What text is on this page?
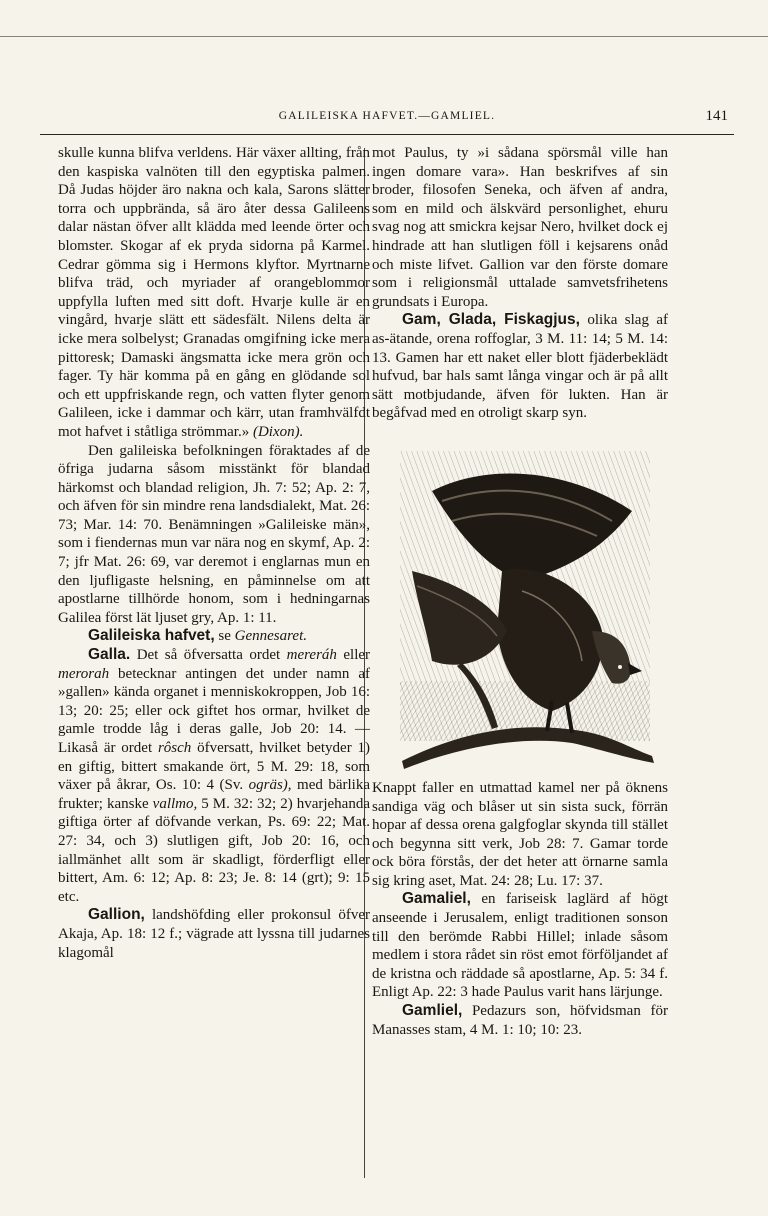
GALILEISKA HAFVET.—GAMLIEL.	141

skulle kunna blifva verldens. Här växer allting, från den kaspiska valnöten till den egyptiska palmen. Då Judas höjder äro nakna och kala, Sarons slätter torra och uppbrända, så äro åter dessa Galileens dalar nästan öfver allt klädda med leende örter och blomster. Skogar af ek pryda sidorna på Karmel. Cedrar gömma sig i Hermons klyftor. Myrtnarne blifva träd, och myriader af orangeblommor uppfylla luften med sitt doft. Hvarje kulle är en vingård, hvarje slätt ett sädesfält. Nilens delta är icke mera solbelyst; Granadas omgifning icke mera pittoresk; Damaski ängsmatta icke mera grön och fager. Ty här komma på en gång en glödande sol och ett uppfriskande regn, och vatten flyter genom Galileen, icke i dammar och kärr, utan framhvälfdt mot hafvet i ståtliga strömmar.» (Dixon).

Den galileiska befolkningen föraktades af de öfriga judarna såsom misstänkt för blandad härkomst och blandad religion, Jh. 7: 52; Ap. 2: 7, och äfven för sin mindre rena landsdialekt, Mat. 26: 73; Mar. 14: 70. Benämningen »Galileiske män», som i fiendernas mun var nära nog en skymf, Ap. 2: 7; jfr Mat. 26: 69, var deremot i englarnas mun en den ljufligaste helsning, en påminnelse om att apostlarne tillhörde honom, som i hedningarnas Galilea först lät ljuset gry, Ap. 1: 11.

Galileiska hafvet, se Gennesaret.

Galla. Det så öfversatta ordet mereráh eller merorah betecknar antingen det under namn af »gallen» kända organet i menniskokroppen, Job 16: 13; 20: 25; eller ock giftet hos ormar, hvilket de gamle trodde låg i deras galle, Job 20: 14. — Likaså är ordet rôsch öfversatt, hvilket betyder 1) en giftig, bittert smakande ört, 5 M. 29: 18, som växer på åkrar, Os. 10: 4 (Sv. ogräs), med bärlika frukter; kanske vallmo, 5 M. 32: 32; 2) hvarjehanda giftiga örter af döfvande verkan, Ps. 69: 22; Mat. 27: 34, och 3) slutligen gift, Job 20: 16, och iallmänhet allt som är skadligt, förderfligt eller bittert, Am. 6: 12; Ap. 8: 23; Je. 8: 14 (grt); 9: 15 etc.

Gallion, landshöfding eller prokonsul öfver Akaja, Ap. 18: 12 f.; vägrade att lyssna till judarnes klagomål

mot Paulus, ty »i sådana spörsmål ville han ingen domare vara». Han beskrifves af sin broder, filosofen Seneka, och äfven af andra, som en mild och älskvärd personlighet, ehuru svag nog att smickra kejsar Nero, hvilket dock ej hindrade att han slutligen föll i kejsarens onåd och miste lifvet. Gallion var den förste domare som i religionsmål uttalade samvetsfrihetens grundsats i Europa.

Gam, Glada, Fiskagjus, olika slag af as-ätande, orena roffoglar, 3 M. 11: 14; 5 M. 14: 13. Gamen har ett naket eller blott fjäderbeklädt hufvud, bar hals samt långa vingar och är på allt sätt motbjudande, äfven för lukten. Han är begåfvad med en otroligt skarp syn.

Knappt faller en utmattad kamel ner på öknens sandiga väg och blåser ut sin sista suck, förrän hopar af dessa orena galgfoglar skynda till stället och begynna sitt verk, Job 28: 7. Gamar torde ock böra förstås, der det heter att örnarne samla sig kring aset, Mat. 24: 28; Lu. 17: 37.

Gamaliel, en fariseisk laglärd af högt anseende i Jerusalem, enligt traditionen sonson till den berömde Rabbi Hillel; inlade såsom medlem i stora rådet sin röst emot förföljandet af de kristna och räddade så apostlarne, Ap. 5: 34 f. Enligt Ap. 22: 3 hade Paulus varit hans lärjunge.

Gamliel, Pedazurs son, höfvidsman för Manasses stam, 4 M. 1: 10; 10: 23.
